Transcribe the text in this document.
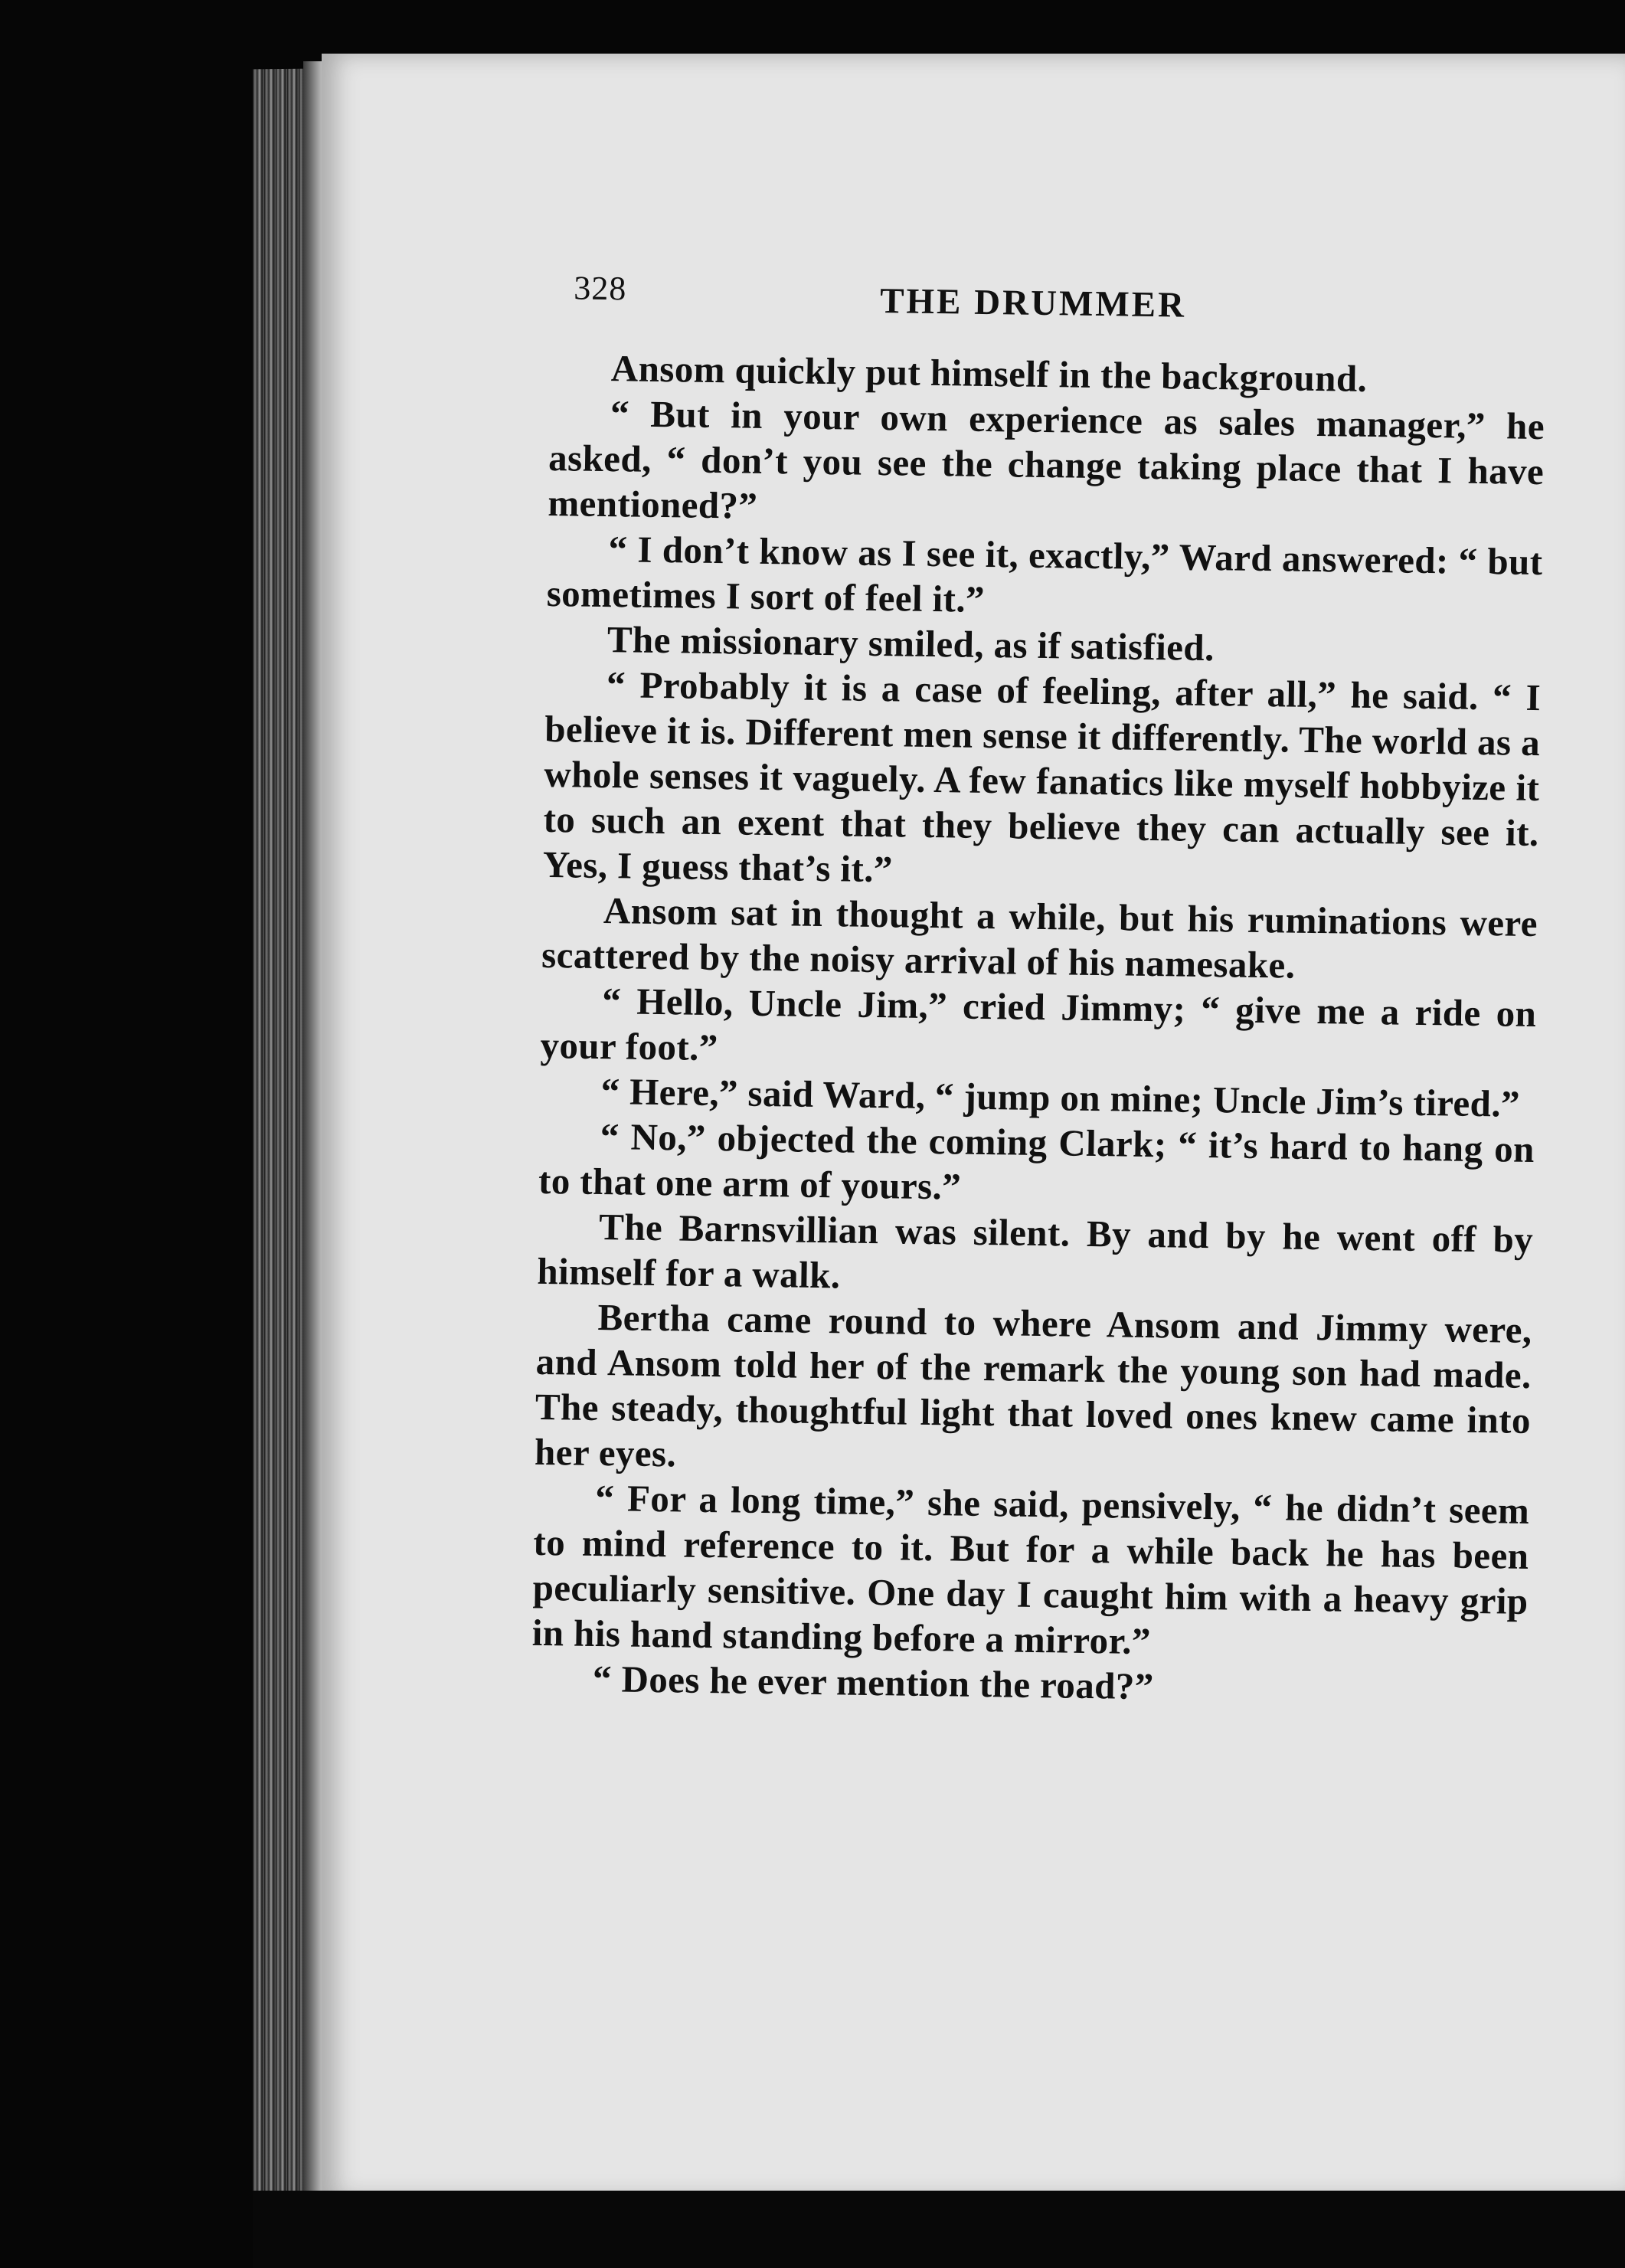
328	THE DRUMMER

Ansom quickly put himself in the background.

“ But in your own experience as sales manager,” he asked, “ don’t you see the change taking place that I have mentioned?”

“ I don’t know as I see it, exactly,” Ward answered: “ but sometimes I sort of feel it.”

The missionary smiled, as if satisfied.

“ Probably it is a case of feeling, after all,” he said. “ I believe it is. Different men sense it differently. The world as a whole senses it vaguely. A few fanatics like myself hobbyize it to such an exent that they believe they can actually see it. Yes, I guess that’s it.”

Ansom sat in thought a while, but his ruminations were scattered by the noisy arrival of his namesake.

“ Hello, Uncle Jim,” cried Jimmy; “ give me a ride on your foot.”

“ Here,” said Ward, “ jump on mine; Uncle Jim’s tired.”

“ No,” objected the coming Clark; “ it’s hard to hang on to that one arm of yours.”

The Barnsvillian was silent. By and by he went off by himself for a walk.

Bertha came round to where Ansom and Jimmy were, and Ansom told her of the remark the young son had made. The steady, thoughtful light that loved ones knew came into her eyes.

“ For a long time,” she said, pensively, “ he didn’t seem to mind reference to it. But for a while back he has been peculiarly sensitive. One day I caught him with a heavy grip in his hand standing before a mirror.”

“ Does he ever mention the road?”
